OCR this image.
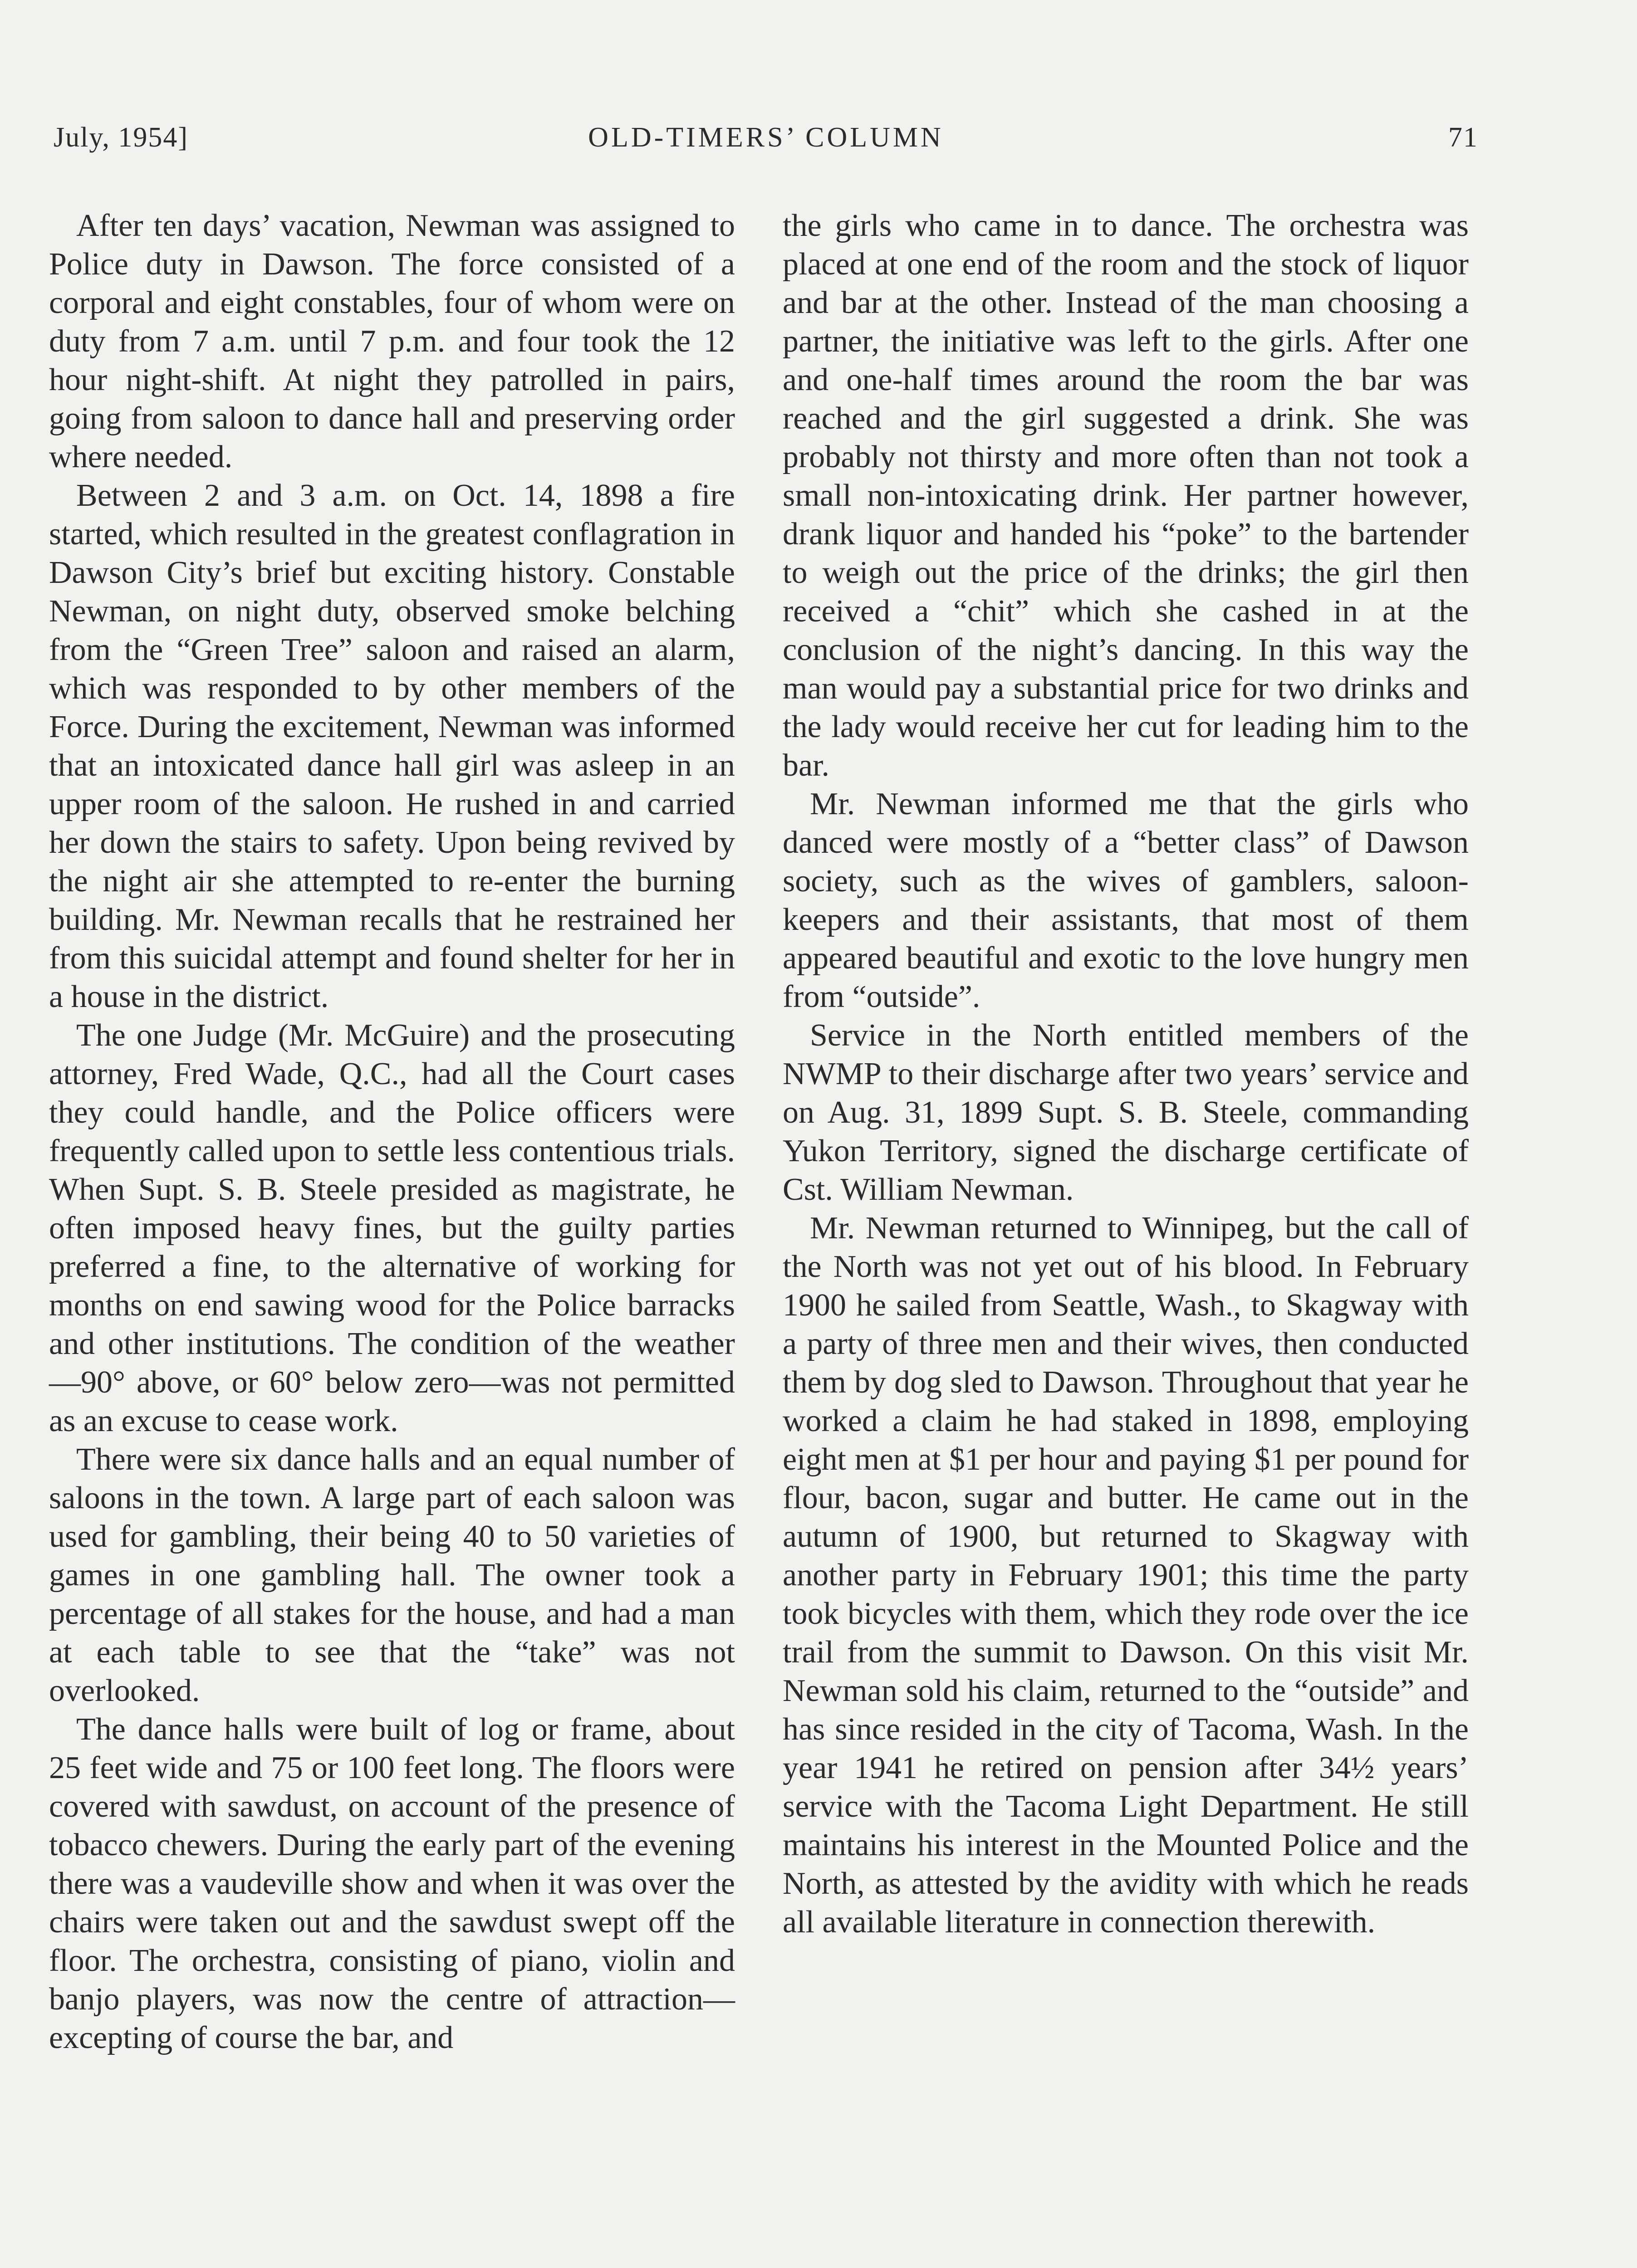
July, 1954]	OLD-TIMERS’ COLUMN	71

After ten days’ vacation, Newman was assigned to Police duty in Dawson. The force consisted of a corporal and eight constables, four of whom were on duty from 7 a.m. until 7 p.m. and four took the 12 hour night-shift. At night they patrolled in pairs, going from saloon to dance hall and preserving order where needed.

Between 2 and 3 a.m. on Oct. 14, 1898 a fire started, which resulted in the greatest conflagration in Dawson City’s brief but exciting history. Constable Newman, on night duty, observed smoke belching from the “Green Tree” saloon and raised an alarm, which was responded to by other members of the Force. During the excitement, Newman was informed that an intoxicated dance hall girl was asleep in an upper room of the saloon. He rushed in and carried her down the stairs to safety. Upon being revived by the night air she attempted to re-enter the burning building. Mr. Newman recalls that he restrained her from this suicidal attempt and found shelter for her in a house in the district.

The one Judge (Mr. McGuire) and the prosecuting attorney, Fred Wade, Q.C., had all the Court cases they could handle, and the Police officers were frequently called upon to settle less contentious trials. When Supt. S. B. Steele presided as magistrate, he often imposed heavy fines, but the guilty parties preferred a fine, to the alternative of working for months on end sawing wood for the Police barracks and other institutions. The condition of the weather —90° above, or 60° below zero—was not permitted as an excuse to cease work.

There were six dance halls and an equal number of saloons in the town. A large part of each saloon was used for gambling, their being 40 to 50 varieties of games in one gambling hall. The owner took a percentage of all stakes for the house, and had a man at each table to see that the “take” was not overlooked.

The dance halls were built of log or frame, about 25 feet wide and 75 or 100 feet long. The floors were covered with sawdust, on account of the presence of tobacco chewers. During the early part of the evening there was a vaudeville show and when it was over the chairs were taken out and the sawdust swept off the floor. The orchestra, consisting of piano, violin and banjo players, was now the centre of attraction—excepting of course the bar, and

the girls who came in to dance. The orchestra was placed at one end of the room and the stock of liquor and bar at the other. Instead of the man choosing a partner, the initiative was left to the girls. After one and one-half times around the room the bar was reached and the girl suggested a drink. She was probably not thirsty and more often than not took a small non-intoxicating drink. Her partner however, drank liquor and handed his “poke” to the bartender to weigh out the price of the drinks; the girl then received a “chit” which she cashed in at the conclusion of the night’s dancing. In this way the man would pay a substantial price for two drinks and the lady would receive her cut for leading him to the bar.

Mr. Newman informed me that the girls who danced were mostly of a “better class” of Dawson society, such as the wives of gamblers, saloon-keepers and their assistants, that most of them appeared beautiful and exotic to the love hungry men from “outside”.

Service in the North entitled members of the NWMP to their discharge after two years’ service and on Aug. 31, 1899 Supt. S. B. Steele, commanding Yukon Territory, signed the discharge certificate of Cst. William Newman.

Mr. Newman returned to Winnipeg, but the call of the North was not yet out of his blood. In February 1900 he sailed from Seattle, Wash., to Skagway with a party of three men and their wives, then conducted them by dog sled to Dawson. Throughout that year he worked a claim he had staked in 1898, employing eight men at $1 per hour and paying $1 per pound for flour, bacon, sugar and butter. He came out in the autumn of 1900, but returned to Skagway with another party in February 1901; this time the party took bicycles with them, which they rode over the ice trail from the summit to Dawson. On this visit Mr. Newman sold his claim, returned to the “outside” and has since resided in the city of Tacoma, Wash. In the year 1941 he retired on pension after 34½ years’ service with the Tacoma Light Department. He still maintains his interest in the Mounted Police and the North, as attested by the avidity with which he reads all available literature in connection therewith.
